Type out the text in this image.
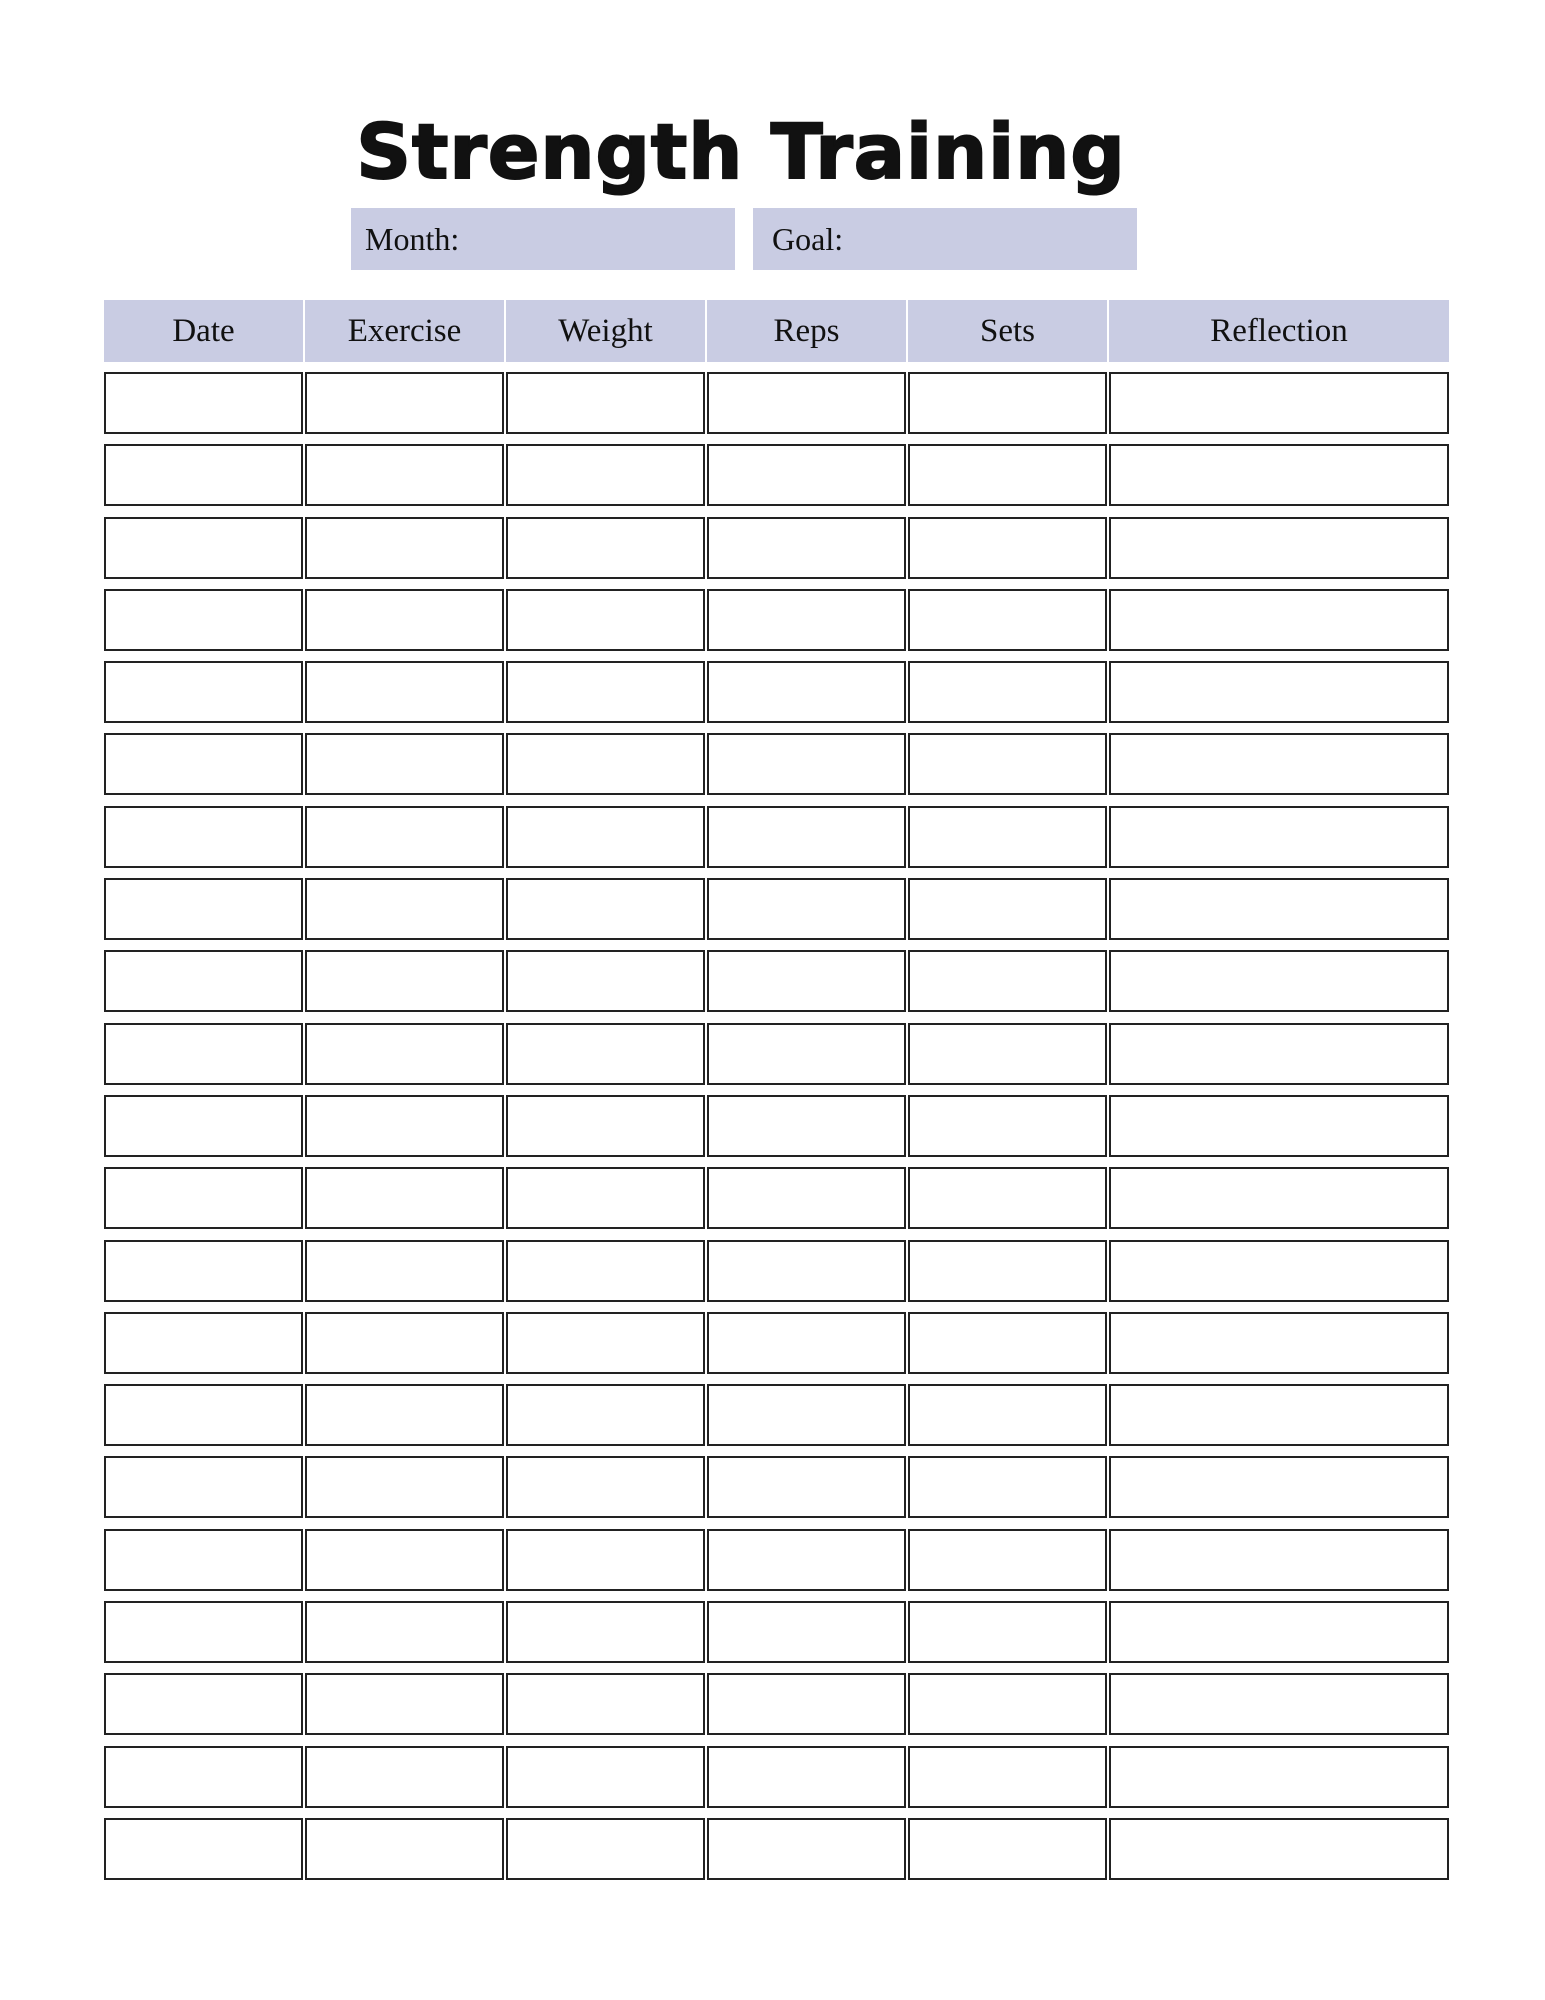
Strength Training
Month:	Goal:
Date	Exercise	Weight	Reps	Sets	Reflection
